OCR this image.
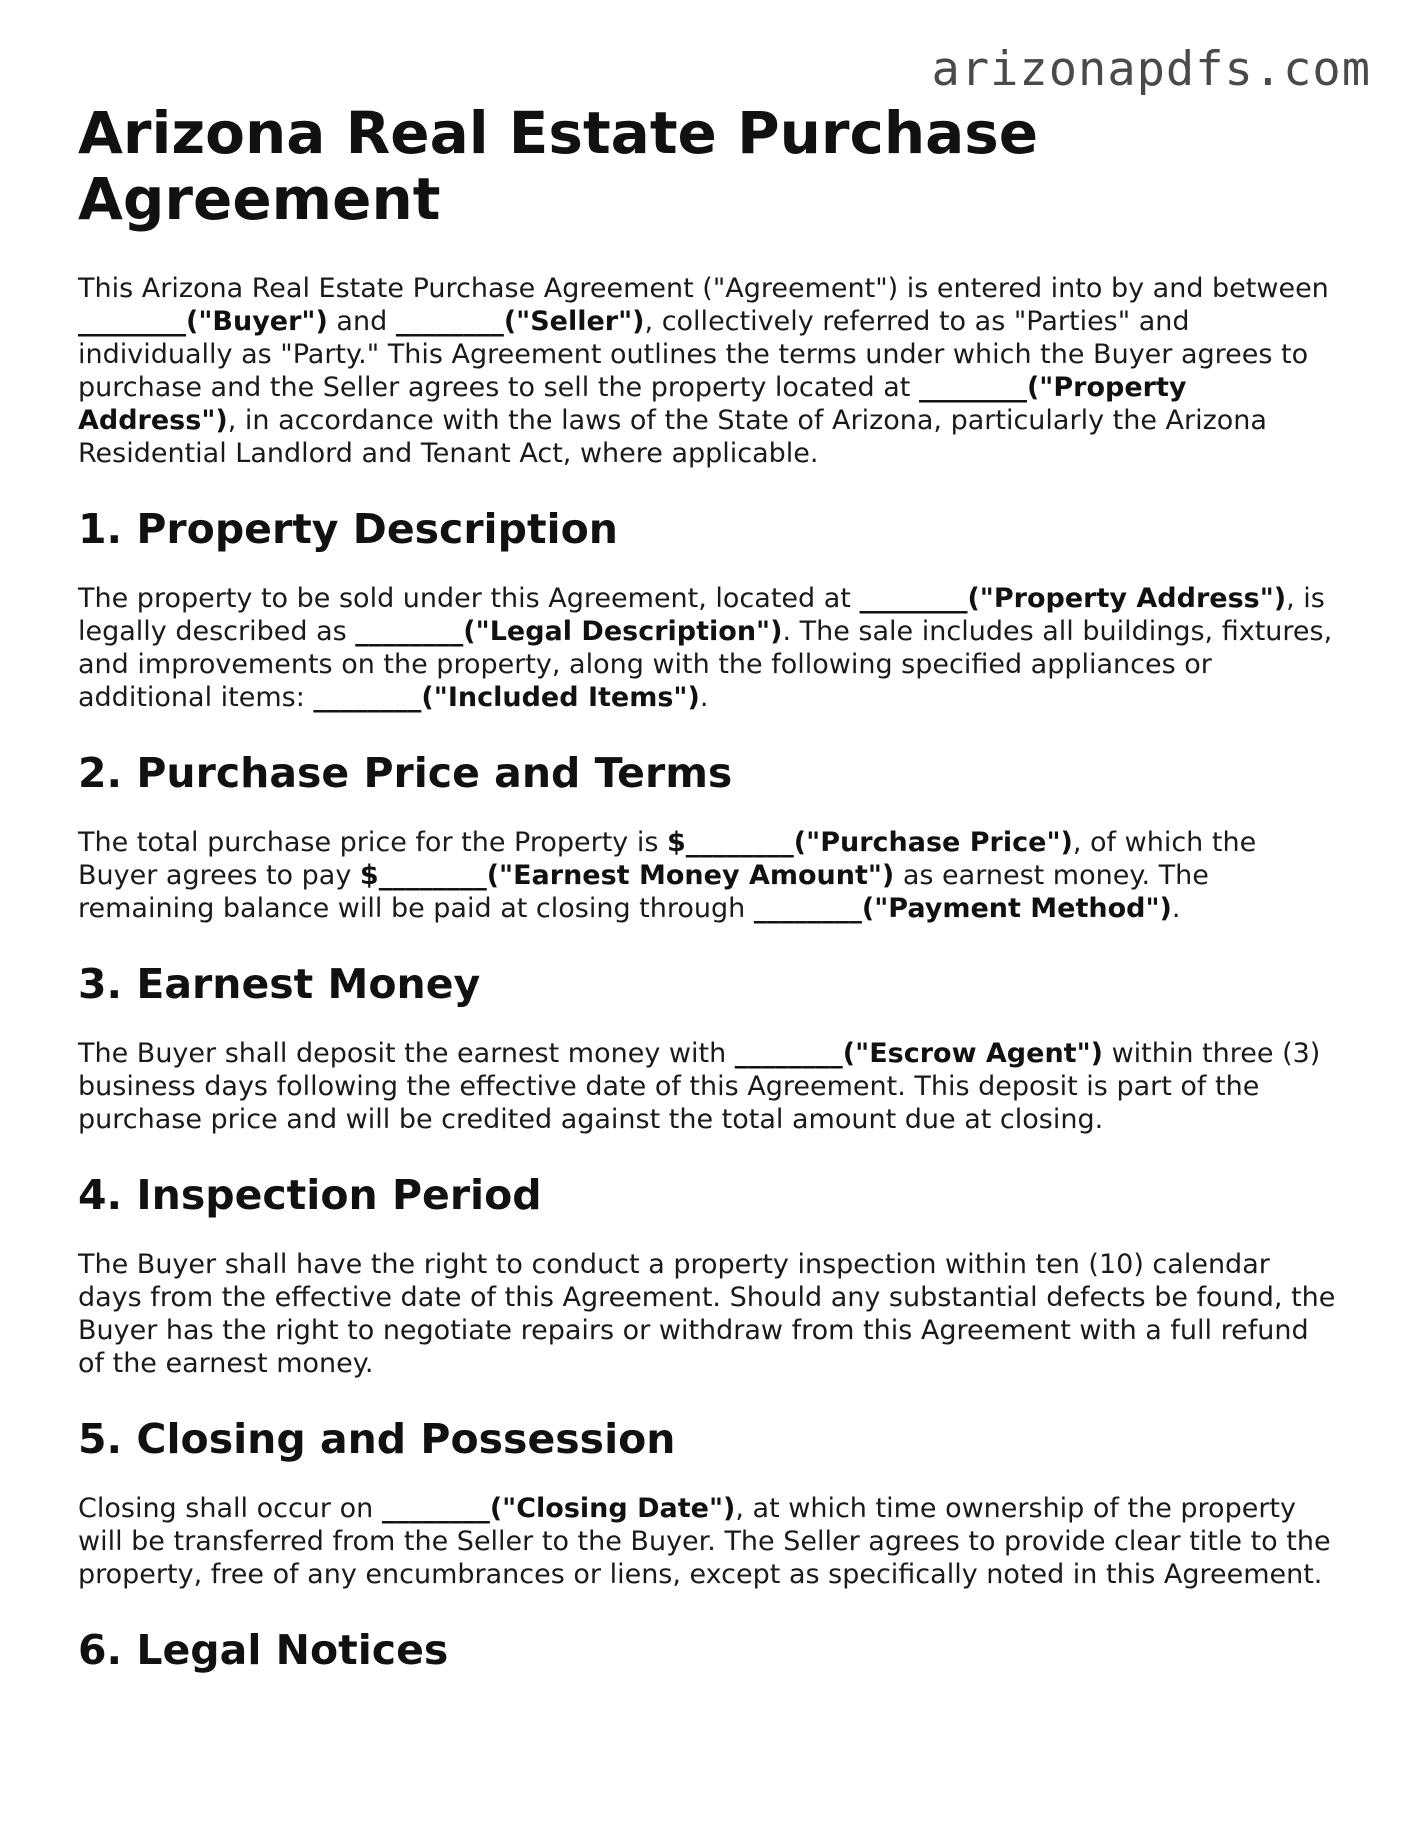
arizonapdfs.com
Arizona Real Estate Purchase Agreement

This Arizona Real Estate Purchase Agreement ("Agreement") is entered into by and between ________("Buyer") and ________("Seller"), collectively referred to as "Parties" and individually as "Party." This Agreement outlines the terms under which the Buyer agrees to purchase and the Seller agrees to sell the property located at ________("Property Address"), in accordance with the laws of the State of Arizona, particularly the Arizona Residential Landlord and Tenant Act, where applicable.

1. Property Description

The property to be sold under this Agreement, located at ________("Property Address"), is legally described as ________("Legal Description"). The sale includes all buildings, fixtures, and improvements on the property, along with the following specified appliances or additional items: ________("Included Items").

2. Purchase Price and Terms

The total purchase price for the Property is $________("Purchase Price"), of which the Buyer agrees to pay $________("Earnest Money Amount") as earnest money. The remaining balance will be paid at closing through ________("Payment Method").

3. Earnest Money

The Buyer shall deposit the earnest money with ________("Escrow Agent") within three (3) business days following the effective date of this Agreement. This deposit is part of the purchase price and will be credited against the total amount due at closing.

4. Inspection Period

The Buyer shall have the right to conduct a property inspection within ten (10) calendar days from the effective date of this Agreement. Should any substantial defects be found, the Buyer has the right to negotiate repairs or withdraw from this Agreement with a full refund of the earnest money.

5. Closing and Possession

Closing shall occur on ________("Closing Date"), at which time ownership of the property will be transferred from the Seller to the Buyer. The Seller agrees to provide clear title to the property, free of any encumbrances or liens, except as specifically noted in this Agreement.

6. Legal Notices
